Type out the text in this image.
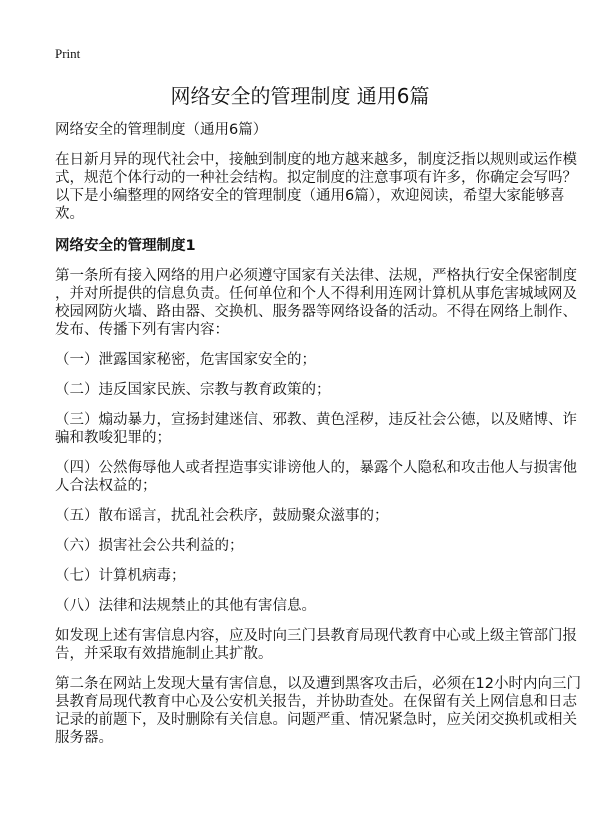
Print
网络安全的管理制度 通用6篇

网络安全的管理制度（通用6篇）

在日新月异的现代社会中，接触到制度的地方越来越多，制度泛指以规则或运作模
式，规范个体行动的一种社会结构。拟定制度的注意事项有许多，你确定会写吗？
以下是小编整理的网络安全的管理制度（通用6篇），欢迎阅读，希望大家能够喜
欢。

网络安全的管理制度1

第一条所有接入网络的用户必须遵守国家有关法律、法规，严格执行安全保密制度
，并对所提供的信息负责。任何单位和个人不得利用连网计算机从事危害城域网及
校园网防火墙、路由器、交换机、服务器等网络设备的活动。不得在网络上制作、
发布、传播下列有害内容：

（一）泄露国家秘密，危害国家安全的；

（二）违反国家民族、宗教与教育政策的；

（三）煽动暴力，宣扬封建迷信、邪教、黄色淫秽，违反社会公德，以及赌博、诈
骗和教唆犯罪的；

（四）公然侮辱他人或者捏造事实诽谤他人的，暴露个人隐私和攻击他人与损害他
人合法权益的；

（五）散布谣言，扰乱社会秩序，鼓励聚众滋事的；

（六）损害社会公共利益的；

（七）计算机病毒；

（八）法律和法规禁止的其他有害信息。

如发现上述有害信息内容，应及时向三门县教育局现代教育中心或上级主管部门报
告，并采取有效措施制止其扩散。

第二条在网站上发现大量有害信息，以及遭到黑客攻击后，必须在12小时内向三门
县教育局现代教育中心及公安机关报告，并协助查处。在保留有关上网信息和日志
记录的前题下，及时删除有关信息。问题严重、情况紧急时，应关闭交换机或相关
服务器。
